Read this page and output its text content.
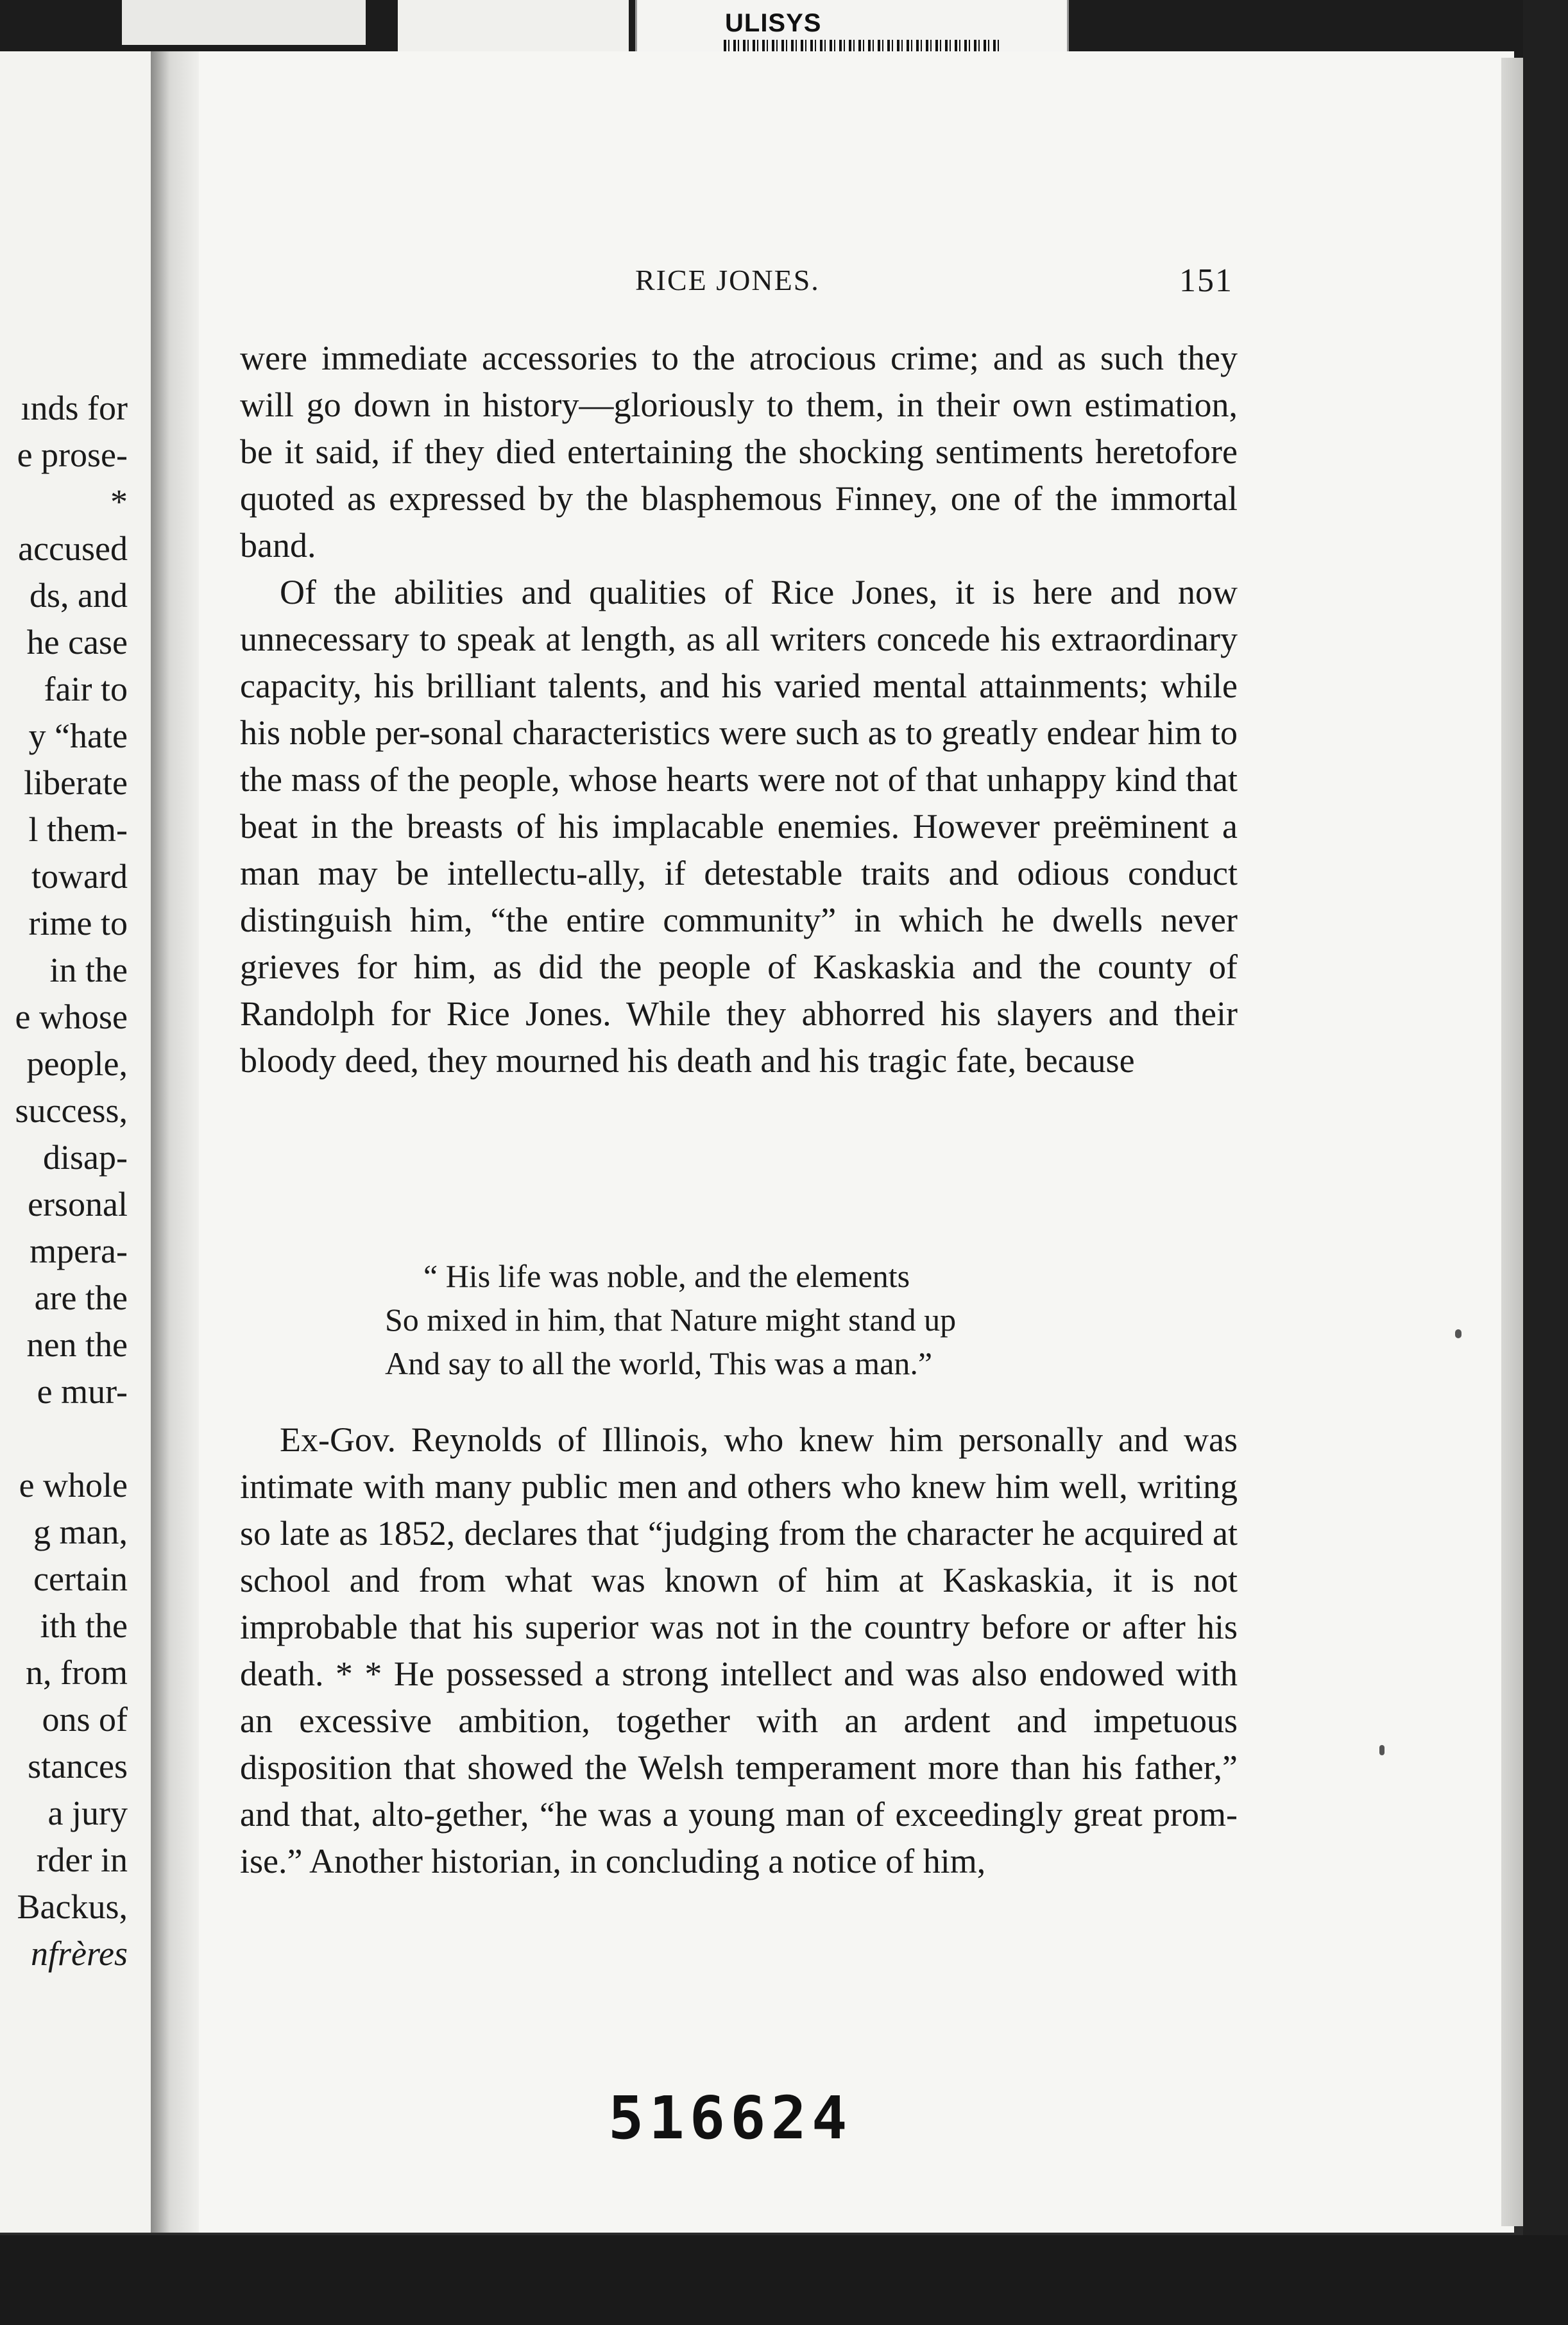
ULISYS
ınds for
e prose-
*
accused
ds, and
he case
fair to
y “hate
liberate
l them-
toward
rime to
in the
e whose
people,
success,
disap-
ersonal
mpera-
are the
nen the
e mur-
e whole
g man,
certain
ith the
n, from
ons of
stances
a jury
rder in
Backus,
nfrères
RICE JONES.	151

were immediate accessories to the atrocious crime; and as such they will go down in history—gloriously to them, in their own estimation, be it said, if they died entertaining the shocking sentiments heretofore quoted as expressed by the blasphemous Finney, one of the immortal band.

Of the abilities and qualities of Rice Jones, it is here and now unnecessary to speak at length, as all writers concede his extraordinary capacity, his brilliant talents, and his varied mental attainments; while his noble per-sonal characteristics were such as to greatly endear him to the mass of the people, whose hearts were not of that unhappy kind that beat in the breasts of his implacable enemies. However preëminent a man may be intellectu-ally, if detestable traits and odious conduct distinguish him, “the entire community” in which he dwells never grieves for him, as did the people of Kaskaskia and the county of Randolph for Rice Jones. While they abhorred his slayers and their bloody deed, they mourned his death and his tragic fate, because

“ His life was noble, and the elements
So mixed in him, that Nature might stand up
And say to all the world, This was a man.”

Ex-Gov. Reynolds of Illinois, who knew him personally and was intimate with many public men and others who knew him well, writing so late as 1852, declares that “judging from the character he acquired at school and from what was known of him at Kaskaskia, it is not improbable that his superior was not in the country before or after his death. * * He possessed a strong intellect and was also endowed with an excessive ambition, together with an ardent and impetuous disposition that showed the Welsh temperament more than his father,” and that, alto-gether, “he was a young man of exceedingly great prom-ise.” Another historian, in concluding a notice of him,

516624
